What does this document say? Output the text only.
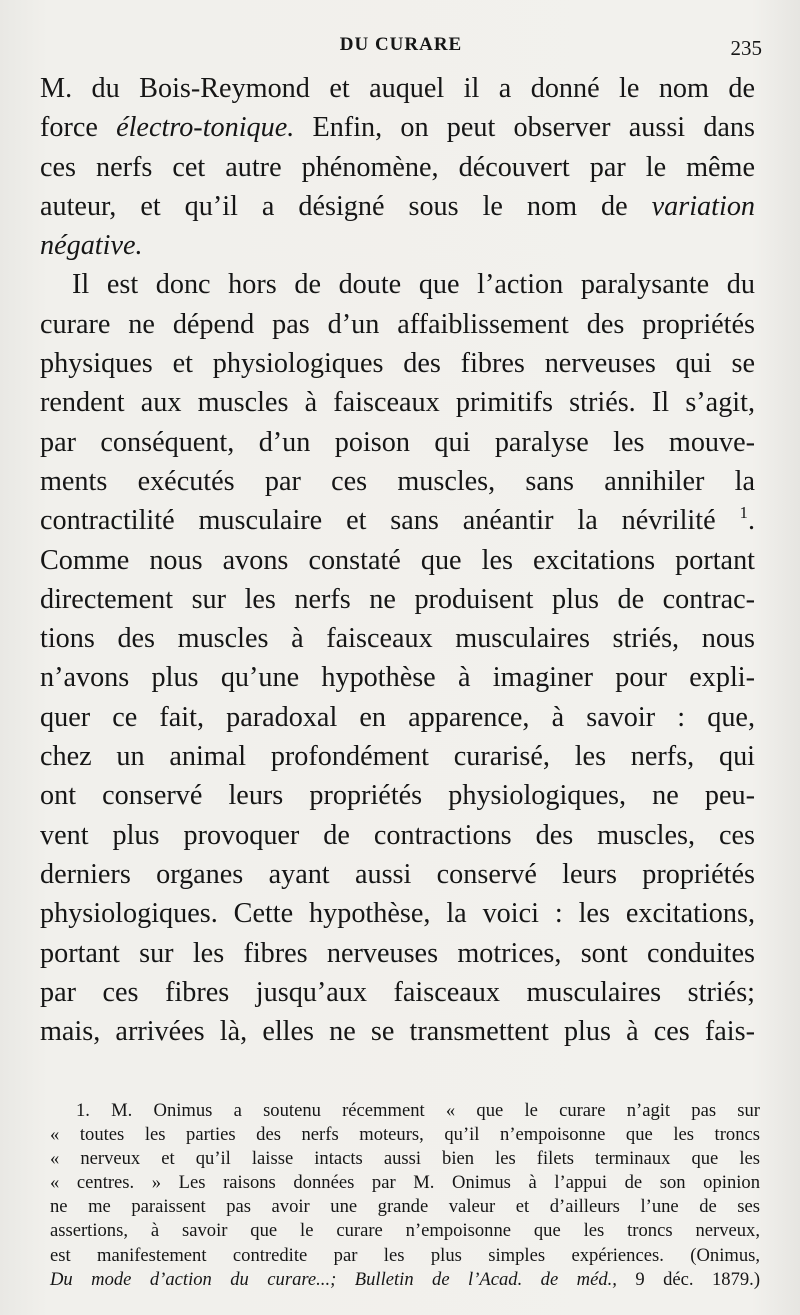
DU CURARE	235
M. du Bois-Reymond et auquel il a donné le nom de
force électro-tonique. Enfin, on peut observer aussi dans
ces nerfs cet autre phénomène, découvert par le même
auteur, et qu’il a désigné sous le nom de variation
négative.
Il est donc hors de doute que l’action paralysante du
curare ne dépend pas d’un affaiblissement des propriétés
physiques et physiologiques des fibres nerveuses qui se
rendent aux muscles à faisceaux primitifs striés. Il s’agit,
par conséquent, d’un poison qui paralyse les mouve-
ments exécutés par ces muscles, sans annihiler la
contractilité musculaire et sans anéantir la névrilité $^1$.
Comme nous avons constaté que les excitations portant
directement sur les nerfs ne produisent plus de contrac-
tions des muscles à faisceaux musculaires striés, nous
n’avons plus qu’une hypothèse à imaginer pour expli-
quer ce fait, paradoxal en apparence, à savoir : que,
chez un animal profondément curarisé, les nerfs, qui
ont conservé leurs propriétés physiologiques, ne peu-
vent plus provoquer de contractions des muscles, ces
derniers organes ayant aussi conservé leurs propriétés
physiologiques. Cette hypothèse, la voici : les excitations,
portant sur les fibres nerveuses motrices, sont conduites
par ces fibres jusqu’aux faisceaux musculaires striés;
mais, arrivées là, elles ne se transmettent plus à ces fais-
1. M. Onimus a soutenu récemment « que le curare n’agit pas sur
« toutes les parties des nerfs moteurs, qu’il n’empoisonne que les troncs
« nerveux et qu’il laisse intacts aussi bien les filets terminaux que les
« centres. » Les raisons données par M. Onimus à l’appui de son opinion
ne me paraissent pas avoir une grande valeur et d’ailleurs l’une de ses
assertions, à savoir que le curare n’empoisonne que les troncs nerveux,
est manifestement contredite par les plus simples expériences. (Onimus,
Du mode d’action du curare...; Bulletin de l’Acad. de méd., 9 déc. 1879.)
